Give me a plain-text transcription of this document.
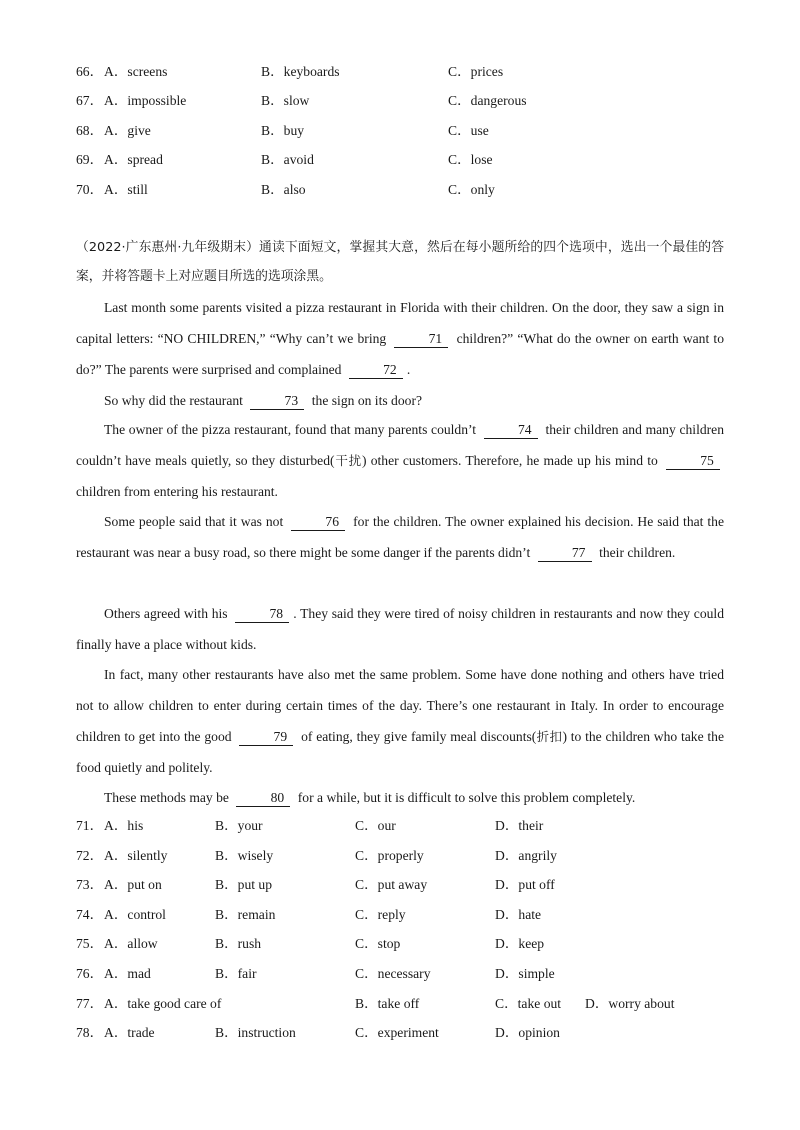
66． A．screens	B．keyboards	C．prices
67． A．impossible	B．slow	C．dangerous
68． A．give	B．buy	C．use
69． A．spread	B．avoid	C．lose
70． A．still	B．also	C．only
（2022·广东惠州·九年级期末）通读下面短文，掌握其大意，然后在每小题所给的四个选项中，选出一个最佳的答案，并将答题卡上对应题目所选的选项涂黑。
Last month some parents visited a pizza restaurant in Florida with their children. On the door, they saw a sign in capital letters: “NO CHILDREN,” “Why can’t we bring	71 children?” “What do the owner on earth want to do?” The parents were surprised and complained	72 .
So why did the restaurant	73 the sign on its door?
The owner of the pizza restaurant, found that many parents couldn’t	74 their children and many children couldn’t have meals quietly, so they disturbed(干扰) other customers. Therefore, he made up his mind to	75 children from entering his restaurant.
Some people said that it was not	76 for the children. The owner explained his decision. He said that the restaurant was near a busy road, so there might be some danger if the parents didn’t	77 their children.
Others agreed with his	78 . They said they were tired of noisy children in restaurants and now they could finally have a place without kids.
In fact, many other restaurants have also met the same problem. Some have done nothing and others have tried not to allow children to enter during certain times of the day. There’s one restaurant in Italy. In order to encourage children to get into the good	79 of eating, they give family meal discounts(折扣) to the children who take the food quietly and politely.
These methods may be	80 for a while, but it is difficult to solve this problem completely.
71． A．his	B．your	C．our	D．their
72． A．silently	B．wisely	C．properly	D．angrily
73． A．put on	B．put up	C．put away	D．put off
74． A．control	B．remain	C．reply	D．hate
75． A．allow	B．rush	C．stop	D．keep
76． A．mad	B．fair	C．necessary	D．simple
77． A．take good care of	B．take off	C．take out D．worry about
78． A．trade	B．instruction	C．experiment	D．opinion
